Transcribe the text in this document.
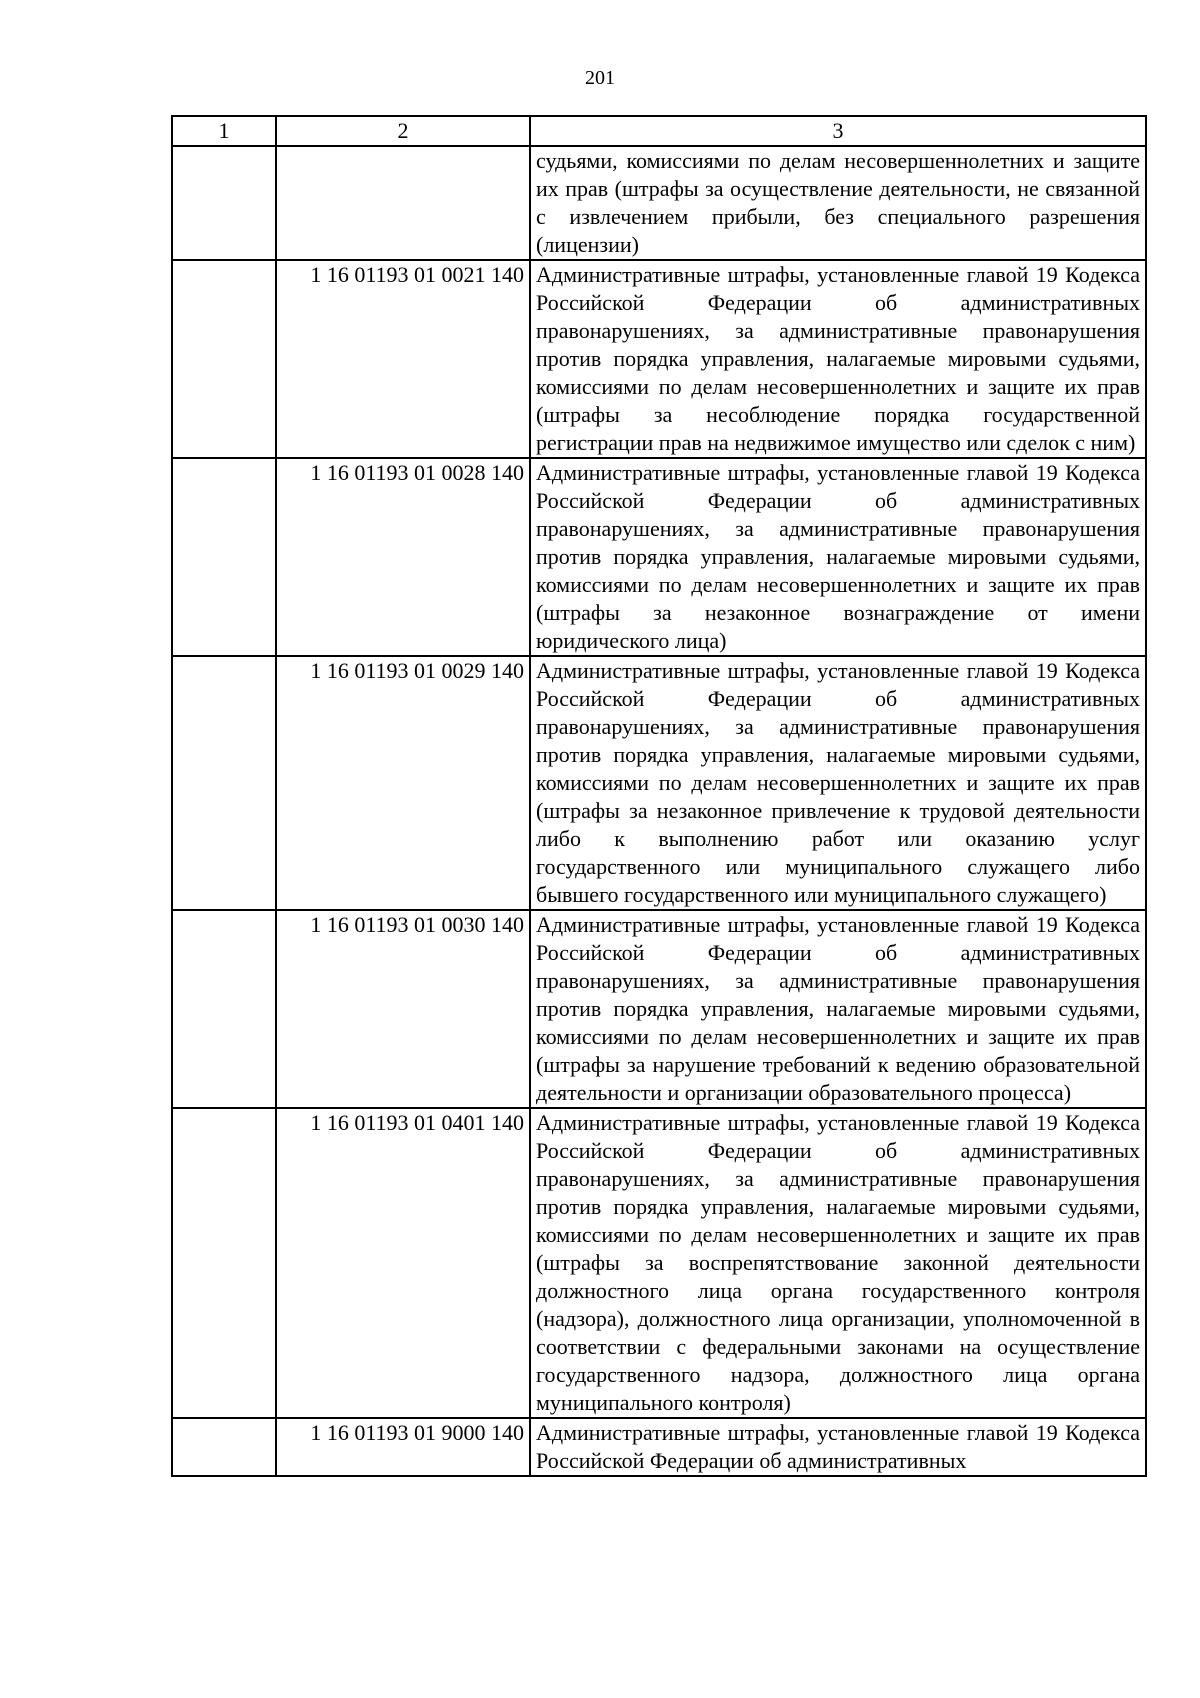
201
1	2	3
		судьями, комиссиями по делам несовершеннолетних и защите их прав (штрафы за осуществление деятельности, не связанной с извлечением прибыли, без специального разрешения (лицензии)
	1 16 01193 01 0021 140	Административные штрафы, установленные главой 19 Кодекса Российской Федерации об административных правонарушениях, за административные правонарушения против порядка управления, налагаемые мировыми судьями, комиссиями по делам несовершеннолетних и защите их прав (штрафы за несоблюдение порядка государственной регистрации прав на недвижимое имущество или сделок с ним)
	1 16 01193 01 0028 140	Административные штрафы, установленные главой 19 Кодекса Российской Федерации об административных правонарушениях, за административные правонарушения против порядка управления, налагаемые мировыми судьями, комиссиями по делам несовершеннолетних и защите их прав (штрафы за незаконное вознаграждение от имени юридического лица)
	1 16 01193 01 0029 140	Административные штрафы, установленные главой 19 Кодекса Российской Федерации об административных правонарушениях, за административные правонарушения против порядка управления, налагаемые мировыми судьями, комиссиями по делам несовершеннолетних и защите их прав (штрафы за незаконное привлечение к трудовой деятельности либо к выполнению работ или оказанию услуг государственного или муниципального служащего либо бывшего государственного или муниципального служащего)
	1 16 01193 01 0030 140	Административные штрафы, установленные главой 19 Кодекса Российской Федерации об административных правонарушениях, за административные правонарушения против порядка управления, налагаемые мировыми судьями, комиссиями по делам несовершеннолетних и защите их прав (штрафы за нарушение требований к ведению образовательной деятельности и организации образовательного процесса)
	1 16 01193 01 0401 140	Административные штрафы, установленные главой 19 Кодекса Российской Федерации об административных правонарушениях, за административные правонарушения против порядка управления, налагаемые мировыми судьями, комиссиями по делам несовершеннолетних и защите их прав (штрафы за воспрепятствование законной деятельности должностного лица органа государственного контроля (надзора), должностного лица организации, уполномоченной в соответствии с федеральными законами на осуществление государственного надзора, должностного лица органа муниципального контроля)
	1 16 01193 01 9000 140	Административные штрафы, установленные главой 19 Кодекса Российской Федерации об административных
